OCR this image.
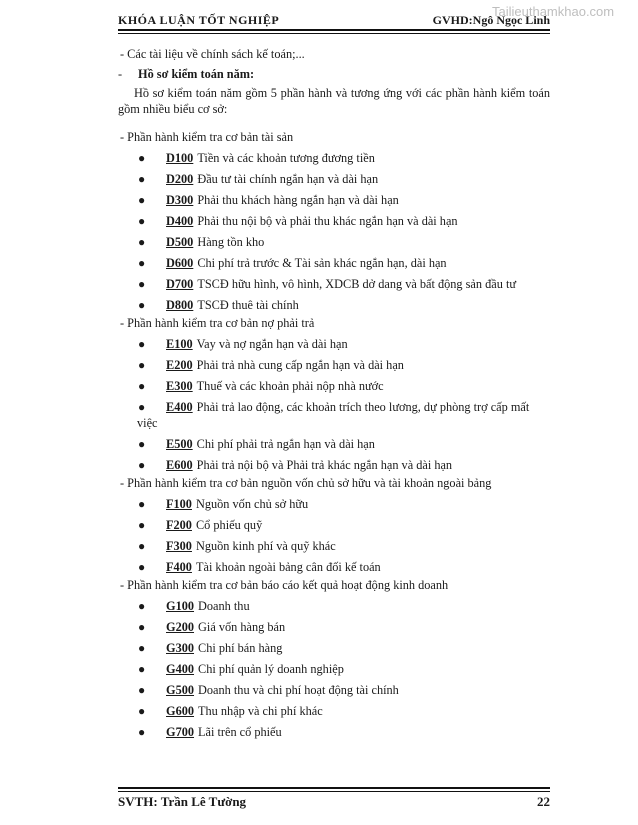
KHÓA LUẬN TỐT NGHIỆP	GVHD:Ngô Ngọc Linh
Tailieuthamkhao.com

- Các tài liệu về chính sách kế toán;...

- Hồ sơ kiểm toán năm:

Hồ sơ kiểm toán năm gồm 5 phần hành và tương ứng với các phần hành kiểm toán gồm nhiều biểu cơ sở:

- Phần hành kiểm tra cơ bản tài sản

● D100 Tiền và các khoản tương đương tiền
● D200 Đầu tư tài chính ngắn hạn và dài hạn
● D300 Phải thu khách hàng ngắn hạn và dài hạn
● D400 Phải thu nội bộ và phải thu khác ngắn hạn và dài hạn
● D500 Hàng tồn kho
● D600 Chi phí trả trước & Tài sản khác ngắn hạn, dài hạn
● D700 TSCĐ hữu hình, vô hình, XDCB dở dang và bất động sản đầu tư
● D800 TSCĐ thuê tài chính

- Phần hành kiểm tra cơ bản nợ phải trả

● E100 Vay và nợ ngắn hạn và dài hạn
● E200 Phải trả nhà cung cấp ngắn hạn và dài hạn
● E300 Thuế và các khoản phải nộp nhà nước
● E400 Phải trả lao động, các khoản trích theo lương, dự phòng trợ cấp mất
việc
● E500 Chi phí phải trả ngắn hạn và dài hạn
● E600 Phải trả nội bộ và Phải trả khác ngắn hạn và dài hạn

- Phần hành kiểm tra cơ bản nguồn vốn chủ sở hữu và tài khoản ngoài bảng

● F100 Nguồn vốn chủ sở hữu
● F200 Cổ phiếu quỹ
● F300 Nguồn kinh phí và quỹ khác
● F400 Tài khoản ngoài bảng cân đối kế toán

- Phần hành kiểm tra cơ bản báo cáo kết quả hoạt động kinh doanh

● G100 Doanh thu
● G200 Giá vốn hàng bán
● G300 Chi phí bán hàng
● G400 Chi phí quản lý doanh nghiệp
● G500 Doanh thu và chi phí hoạt động tài chính
● G600 Thu nhập và chi phí khác
● G700 Lãi trên cổ phiếu
SVTH: Trần Lê Tường	22
